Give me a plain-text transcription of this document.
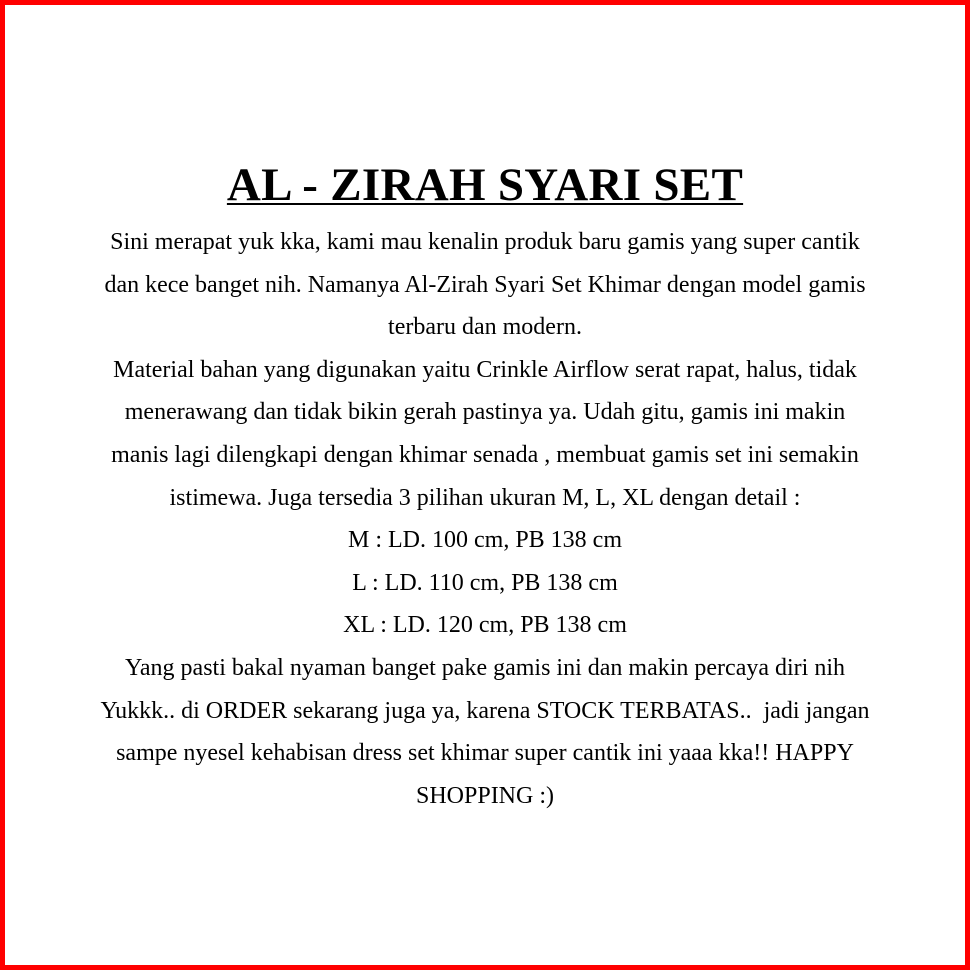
AL - ZIRAH SYARI SET
Sini merapat yuk kka, kami mau kenalin produk baru gamis yang super cantik
dan kece banget nih. Namanya Al-Zirah Syari Set Khimar dengan model gamis
terbaru dan modern.
Material bahan yang digunakan yaitu Crinkle Airflow serat rapat, halus, tidak
menerawang dan tidak bikin gerah pastinya ya. Udah gitu, gamis ini makin
manis lagi dilengkapi dengan khimar senada , membuat gamis set ini semakin
istimewa. Juga tersedia 3 pilihan ukuran M, L, XL dengan detail :
M : LD. 100 cm, PB 138 cm
L : LD. 110 cm, PB 138 cm
XL : LD. 120 cm, PB 138 cm
Yang pasti bakal nyaman banget pake gamis ini dan makin percaya diri nih
Yukkk.. di ORDER sekarang juga ya, karena STOCK TERBATAS..  jadi jangan
sampe nyesel kehabisan dress set khimar super cantik ini yaaa kka!! HAPPY
SHOPPING :)
